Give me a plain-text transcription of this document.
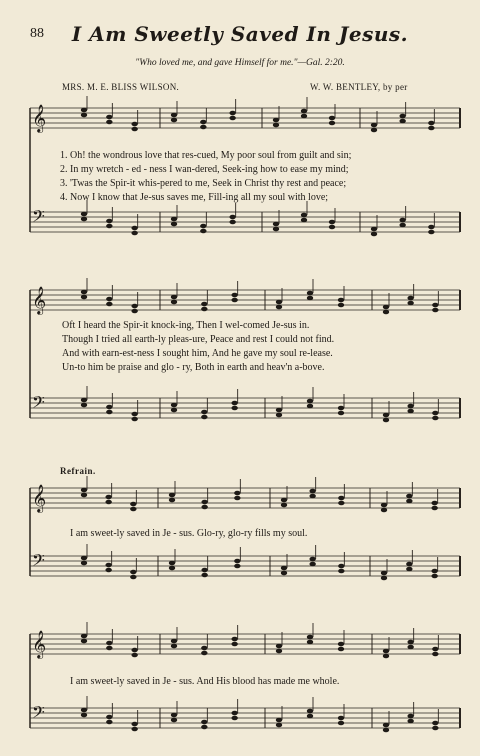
88	I Am Sweetly Saved In Jesus.
"Who loved me, and gave Himself for me."—Gal. 2:20.
MRS. M. E. BLISS WILSON.	W. W. BENTLEY, by per
𝄞
𝄢
𝄞
𝄢
𝄞
𝄢
𝄞
𝄢
1. Oh! the wondrous love that res-cued, My poor soul from guilt and sin;
2. In my wretch - ed - ness I wan-dered, Seek-ing how to ease my mind;
3. 'Twas the Spir-it whis-pered to me, Seek in Christ thy rest and peace;
4. Now I know that Je-sus saves me, Fill-ing all my soul with love;
Oft I heard the Spir-it knock-ing, Then I wel-comed Je-sus in.
Though I tried all earth-ly pleas-ure, Peace and rest I could not find.
And with earn-est-ness I sought him, And he gave my soul re-lease.
Un-to him be praise and glo - ry, Both in earth and heav'n a-bove.
Refrain.
I am sweet-ly saved in Je - sus. Glo-ry, glo-ry fills my soul.
I am sweet-ly saved in Je - sus. And His blood has made me whole.
